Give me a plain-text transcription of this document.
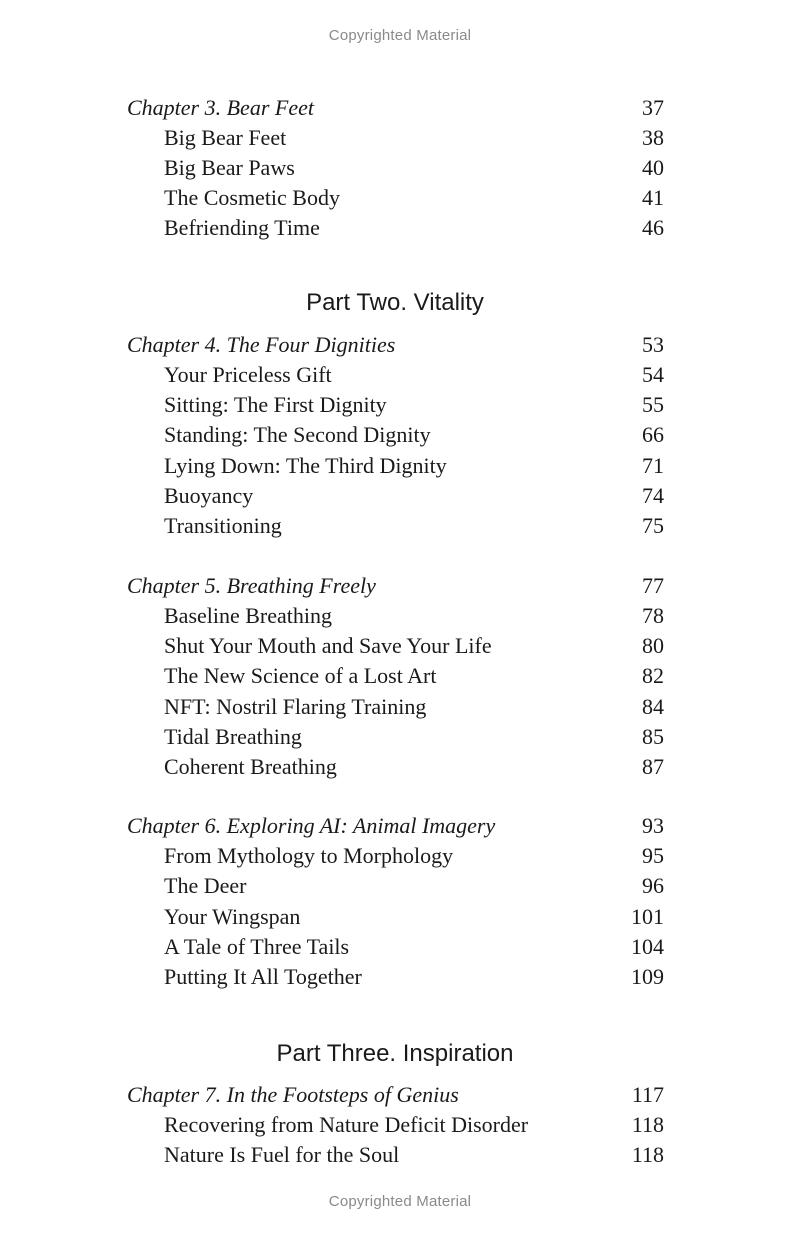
Copyrighted Material
Chapter 3. Bear Feet	37
Big Bear Feet	38
Big Bear Paws	40
The Cosmetic Body	41
Befriending Time	46
Part Two. Vitality
Chapter 4. The Four Dignities	53
Your Priceless Gift	54
Sitting: The First Dignity	55
Standing: The Second Dignity	66
Lying Down: The Third Dignity	71
Buoyancy	74
Transitioning	75
Chapter 5. Breathing Freely	77
Baseline Breathing	78
Shut Your Mouth and Save Your Life	80
The New Science of a Lost Art	82
NFT: Nostril Flaring Training	84
Tidal Breathing	85
Coherent Breathing	87
Chapter 6. Exploring AI: Animal Imagery	93
From Mythology to Morphology	95
The Deer	96
Your Wingspan	101
A Tale of Three Tails	104
Putting It All Together	109
Part Three. Inspiration
Chapter 7. In the Footsteps of Genius	117
Recovering from Nature Deficit Disorder	118
Nature Is Fuel for the Soul	118
Copyrighted Material
